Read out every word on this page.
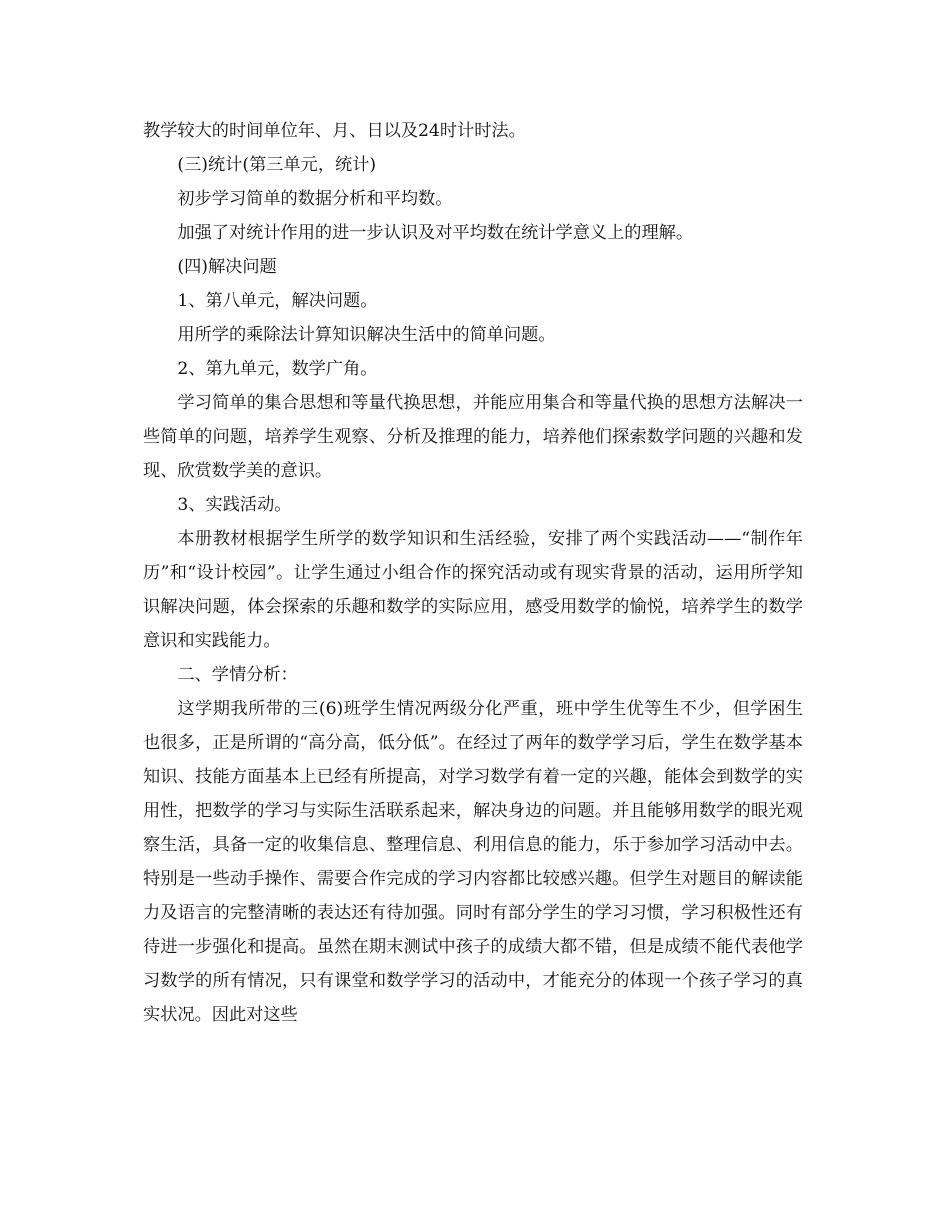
教学较大的时间单位年、月、日以及24时计时法。

(三)统计(第三单元，统计)

初步学习简单的数据分析和平均数。

加强了对统计作用的进一步认识及对平均数在统计学意义上的理解。

(四)解决问题

1、第八单元，解决问题。

用所学的乘除法计算知识解决生活中的简单问题。

2、第九单元，数学广角。

学习简单的集合思想和等量代换思想，并能应用集合和等量代换的思想方法解决一些简单的问题，培养学生观察、分析及推理的能力，培养他们探索数学问题的兴趣和发现、欣赏数学美的意识。

3、实践活动。

本册教材根据学生所学的数学知识和生活经验，安排了两个实践活动——“制作年历”和“设计校园”。让学生通过小组合作的探究活动或有现实背景的活动，运用所学知识解决问题，体会探索的乐趣和数学的实际应用，感受用数学的愉悦，培养学生的数学意识和实践能力。

二、学情分析：

这学期我所带的三(6)班学生情况两级分化严重，班中学生优等生不少，但学困生也很多，正是所谓的“高分高，低分低”。在经过了两年的数学学习后，学生在数学基本知识、技能方面基本上已经有所提高，对学习数学有着一定的兴趣，能体会到数学的实用性，把数学的学习与实际生活联系起来，解决身边的问题。并且能够用数学的眼光观察生活，具备一定的收集信息、整理信息、利用信息的能力，乐于参加学习活动中去。特别是一些动手操作、需要合作完成的学习内容都比较感兴趣。但学生对题目的解读能力及语言的完整清晰的表达还有待加强。同时有部分学生的学习习惯，学习积极性还有待进一步强化和提高。虽然在期末测试中孩子的成绩大都不错，但是成绩不能代表他学习数学的所有情况，只有课堂和数学学习的活动中，才能充分的体现一个孩子学习的真实状况。因此对这些
